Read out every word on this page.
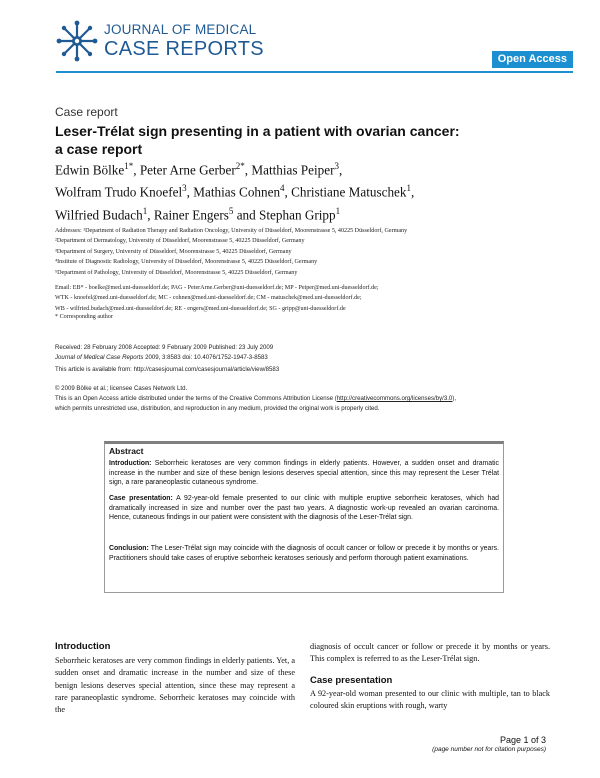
JOURNAL OF MEDICAL
CASE REPORTS	Open Access
Case report
Leser-Trélat sign presenting in a patient with ovarian cancer:
a case report
Edwin Bölke$^{1*}$, Peter Arne Gerber$^{2*}$, Matthias Peiper$^3$,
Wolfram Trudo Knoefel$^3$, Mathias Cohnen$^4$, Christiane Matuschek$^1$,
Wilfried Budach$^1$, Rainer Engers$^5$ and Stephan Gripp$^1$
Addresses: ¹Department of Radiation Therapy and Radiation Oncology, University of Düsseldorf, Moorenstrasse 5, 40225 Düsseldorf, Germany
²Department of Dermatology, University of Düsseldorf, Moorenstrasse 5, 40225 Düsseldorf, Germany
³Department of Surgery, University of Düsseldorf, Moorenstrasse 5, 40225 Düsseldorf, Germany
⁴Institute of Diagnostic Radiology, University of Düsseldorf, Moorenstrasse 5, 40225 Düsseldorf, Germany
⁵Department of Pathology, University of Düsseldorf, Moorenstrasse 5, 40225 Düsseldorf, Germany
Email: EB* - boelke@med.uni-duesseldorf.de; PAG - PeterArne.Gerber@uni-duesseldorf.de; MP - Peiper@med.uni-duesseldorf.de;
WTK - knoefel@med.uni-duesseldorf.de; MC - cohnen@med.uni-duesseldorf.de; CM - matuschek@med.uni-duesseldorf.de;
WB - wilfried.budach@med.uni-duesseldorf.de; RE - engers@med.uni-duesseldorf.de; SG - gripp@uni-duesseldorf.de
* Corresponding author
Received: 28 February 2008 Accepted: 9 February 2009 Published: 23 July 2009
Journal of Medical Case Reports 2009, 3:8583 doi: 10.4076/1752-1947-3-8583
This article is available from: http://casesjournal.com/casesjournal/article/view/8583
© 2009 Bölke et al.; licensee Cases Network Ltd.
This is an Open Access article distributed under the terms of the Creative Commons Attribution License (http://creativecommons.org/licenses/by/3.0),
which permits unrestricted use, distribution, and reproduction in any medium, provided the original work is properly cited.
Abstract
Introduction: Seborrheic keratoses are very common findings in elderly patients. However, a sudden onset and dramatic increase in the number and size of these benign lesions deserves special attention, since this may represent the Leser Trélat sign, a rare paraneoplastic cutaneous syndrome.
Case presentation: A 92-year-old female presented to our clinic with multiple eruptive seborrheic keratoses, which had dramatically increased in size and number over the past two years. A diagnostic work-up revealed an ovarian carcinoma. Hence, cutaneous findings in our patient were consistent with the diagnosis of the Leser-Trélat sign.
Conclusion: The Leser-Trélat sign may coincide with the diagnosis of occult cancer or follow or precede it by months or years. Practitioners should take cases of eruptive seborrheic keratoses seriously and perform thorough patient examinations.
Introduction
Seborrheic keratoses are very common findings in elderly patients. Yet, a sudden onset and dramatic increase in the number and size of these benign lesions deserves special attention, since these may represent a rare paraneoplastic syndrome. Seborrheic keratoses may coincide with the
diagnosis of occult cancer or follow or precede it by months or years. This complex is referred to as the Leser-Trélat sign.
Case presentation
A 92-year-old woman presented to our clinic with multiple, tan to black coloured skin eruptions with rough, warty
Page 1 of 3
(page number not for citation purposes)
